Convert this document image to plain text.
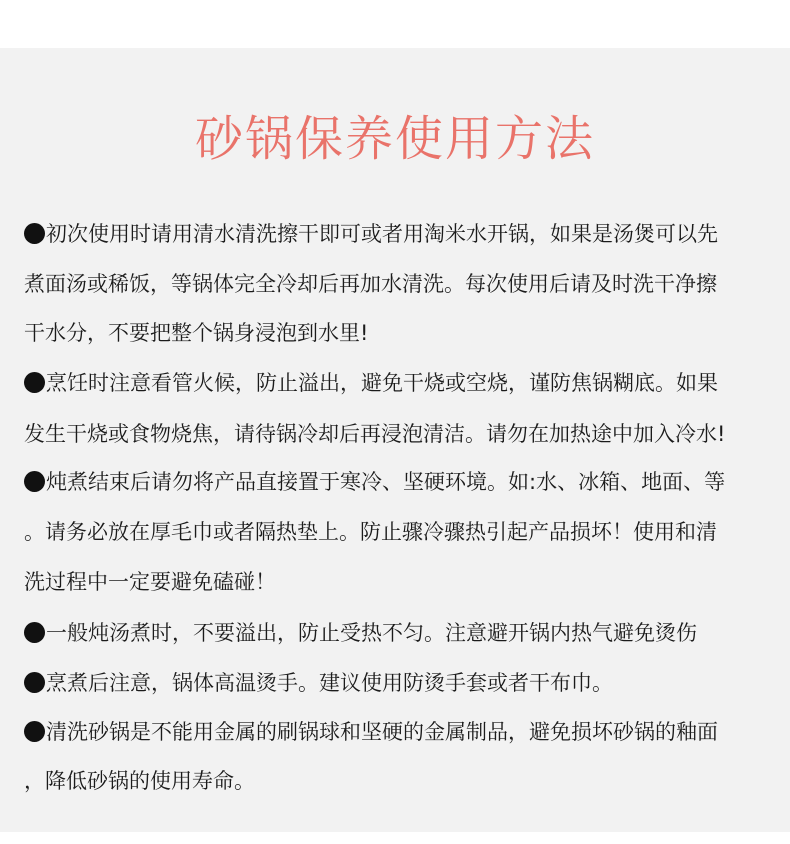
砂锅保养使用方法
初次使用时请用清水清洗擦干即可或者用淘米水开锅，如果是汤煲可以先
煮面汤或稀饭，等锅体完全冷却后再加水清洗。每次使用后请及时洗干净擦
干水分，不要把整个锅身浸泡到水里!
烹饪时注意看管火候，防止溢出，避免干烧或空烧，谨防焦锅糊底。如果
发生干烧或食物烧焦，请待锅冷却后再浸泡清洁。请勿在加热途中加入冷水!
炖煮结束后请勿将产品直接置于寒冷、坚硬环境。如:水、冰箱、地面、等
。请务必放在厚毛巾或者隔热垫上。防止骤冷骤热引起产品损坏！使用和清
洗过程中一定要避免磕碰！
一般炖汤煮时，不要溢出，防止受热不匀。注意避开锅内热气避免烫伤
烹煮后注意，锅体高温烫手。建议使用防烫手套或者干布巾。
清洗砂锅是不能用金属的刷锅球和坚硬的金属制品，避免损坏砂锅的釉面
，降低砂锅的使用寿命。
